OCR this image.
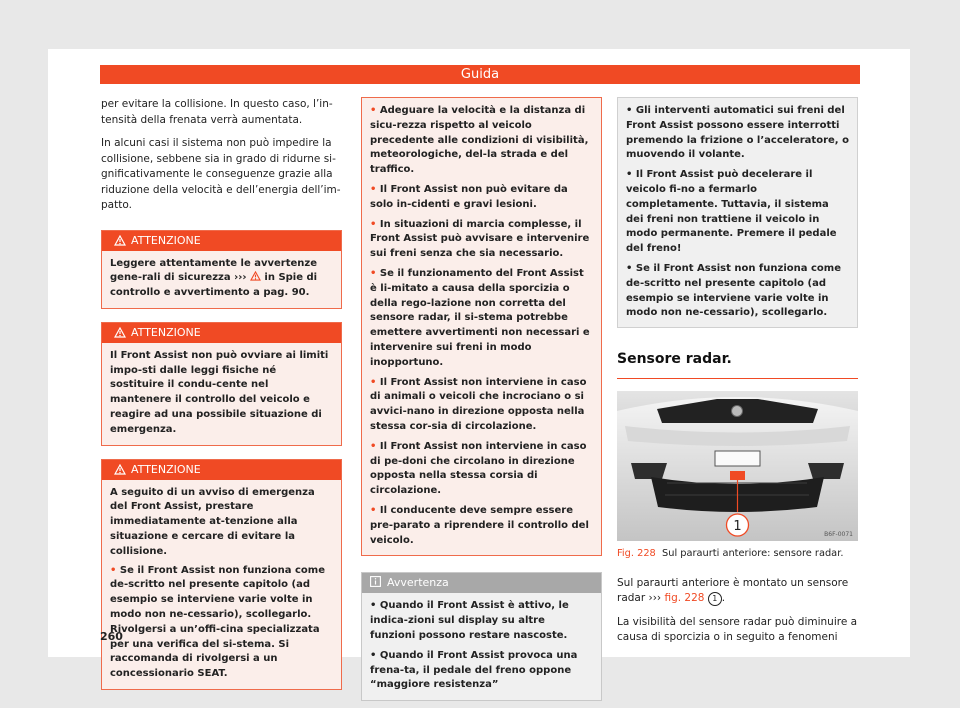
Guida

per evitare la collisione. In questo caso, l’in-tensità della frenata verrà aumentata.

In alcuni casi il sistema non può impedire la collisione, sebbene sia in grado di ridurne si-gnificativamente le conseguenze grazie alla riduzione della velocità e dell’energia dell’im-patto.

ATTENZIONE
Leggere attentamente le avvertenze gene-rali di sicurezza ››› in Spie di controllo e avvertimento a pag. 90.
ATTENZIONE
Il Front Assist non può ovviare ai limiti impo-sti dalle leggi fisiche né sostituire il condu-cente nel mantenere il controllo del veicolo e reagire ad una possibile situazione di emergenza.
ATTENZIONE
A seguito di un avviso di emergenza del Front Assist, prestare immediatamente at-tenzione alla situazione e cercare di evitare la collisione.
• Se il Front Assist non funziona come de-scritto nel presente capitolo (ad esempio se interviene varie volte in modo non ne-cessario), scollegarlo. Rivolgersi a un’offi-cina specializzata per una verifica del si-stema. Si raccomanda di rivolgersi a un concessionario SEAT.
• Adeguare la velocità e la distanza di sicu-rezza rispetto al veicolo precedente alle condizioni di visibilità, meteorologiche, del-la strada e del traffico.
• Il Front Assist non può evitare da solo in-cidenti e gravi lesioni.
• In situazioni di marcia complesse, il Front Assist può avvisare e intervenire sui freni senza che sia necessario.
• Se il funzionamento del Front Assist è li-mitato a causa della sporcizia o della rego-lazione non corretta del sensore radar, il si-stema potrebbe emettere avvertimenti non necessari e intervenire sui freni in modo inopportuno.
• Il Front Assist non interviene in caso di animali o veicoli che incrociano o si avvici-nano in direzione opposta nella stessa cor-sia di circolazione.
• Il Front Assist non interviene in caso di pe-doni che circolano in direzione opposta nella stessa corsia di circolazione.
• Il conducente deve sempre essere pre-parato a riprendere il controllo del veicolo.
Avvertenza
• Quando il Front Assist è attivo, le indica-zioni sul display su altre funzioni possono restare nascoste.
• Quando il Front Assist provoca una frena-ta, il pedale del freno oppone “maggiore resistenza”
• Gli interventi automatici sui freni del Front Assist possono essere interrotti premendo la frizione o l’acceleratore, o muovendo il volante.
• Il Front Assist può decelerare il veicolo fi-no a fermarlo completamente. Tuttavia, il sistema dei freni non trattiene il veicolo in modo permanente. Premere il pedale del freno!
• Se il Front Assist non funziona come de-scritto nel presente capitolo (ad esempio se interviene varie volte in modo non ne-cessario), scollegarlo.
Sensore radar.
1
B6F-0071
Fig. 228 Sul paraurti anteriore: sensore radar.

Sul paraurti anteriore è montato un sensore radar ››› fig. 228 1 .

La visibilità del sensore radar può diminuire a causa di sporcizia o in seguito a fenomeni

260
